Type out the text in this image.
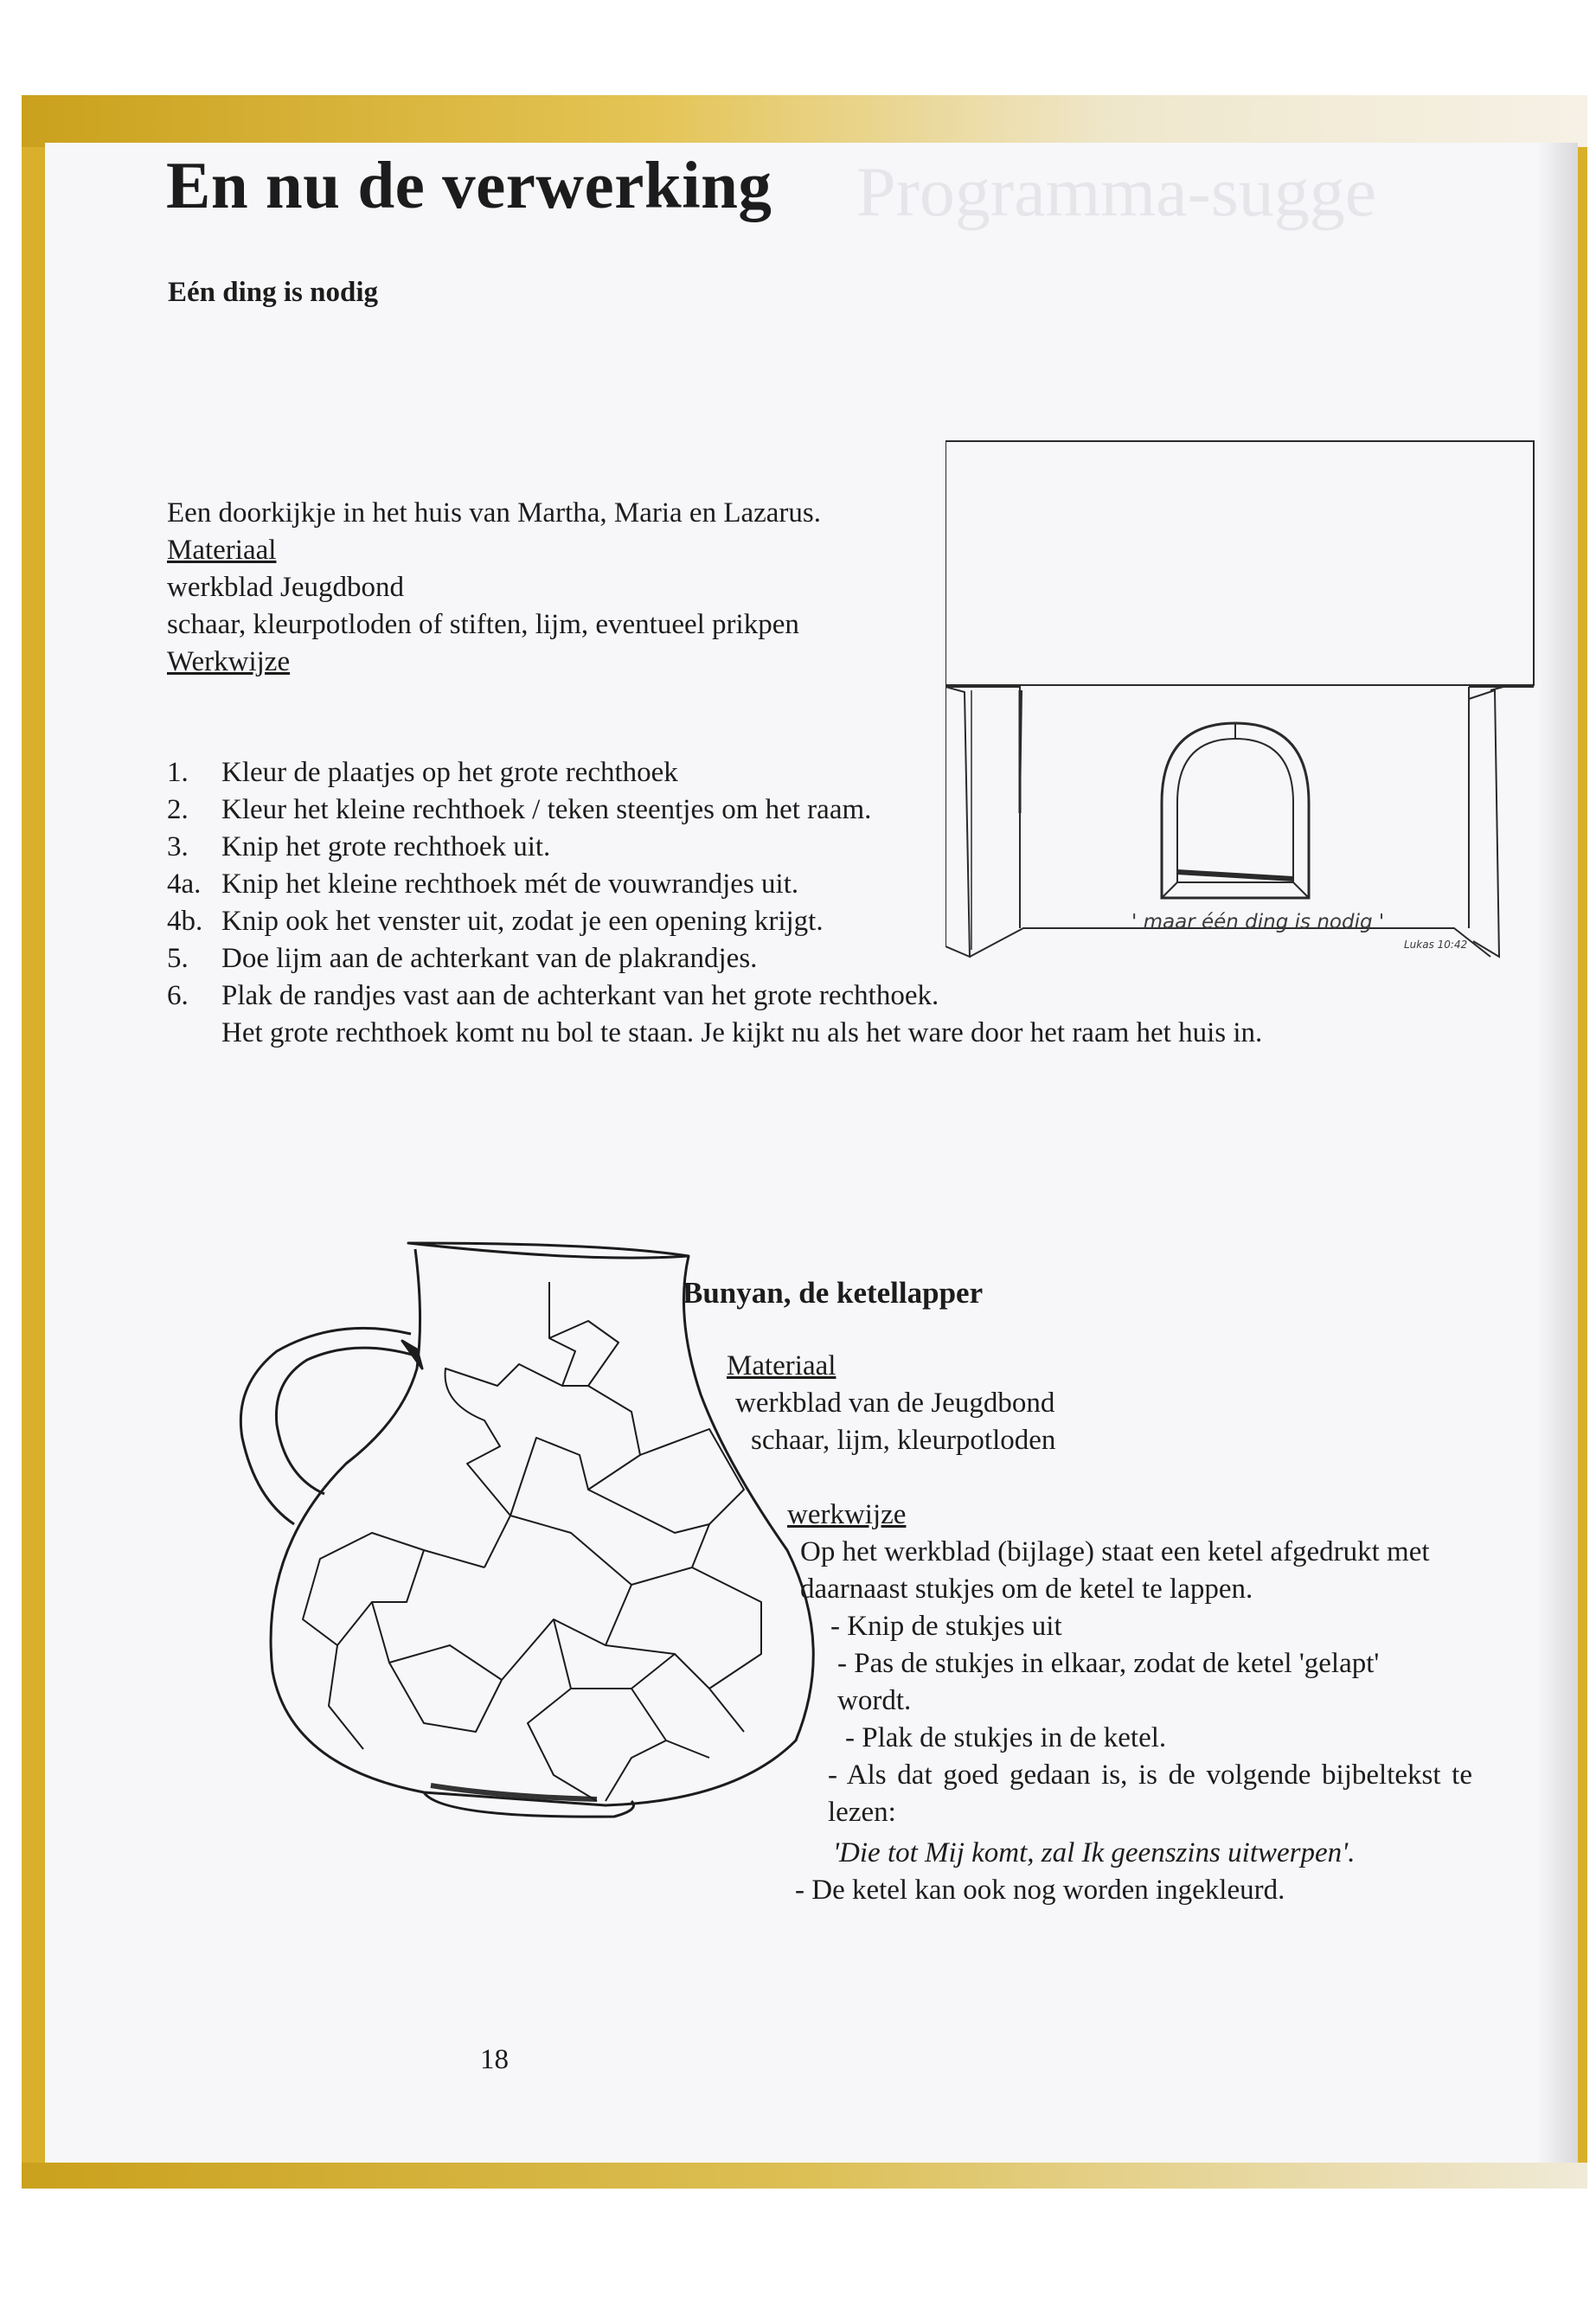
Programma-sugge
En nu de verwerking
Eén ding is nodig
Een doorkijkje in het huis van Martha, Maria en Lazarus.
Materiaal
werkblad Jeugdbond
schaar, kleurpotloden of stiften, lijm, eventueel prikpen
Werkwijze
1. Kleur de plaatjes op het grote rechthoek
2. Kleur het kleine rechthoek / teken steentjes om het raam.
3. Knip het grote rechthoek uit.
4a. Knip het kleine rechthoek mét de vouwrandjes uit.
4b. Knip ook het venster uit, zodat je een opening krijgt.
5. Doe lijm aan de achterkant van de plakrandjes.
6. Plak de randjes vast aan de achterkant van het grote rechthoek.
Het grote rechthoek komt nu bol te staan. Je kijkt nu als het ware door het raam het huis in.
' maar één ding is nodig '
Lukas 10:42
Bunyan, de ketellapper
Materiaal
werkblad van de Jeugdbond
schaar, lijm, kleurpotloden
werkwijze
Op het werkblad (bijlage) staat een ketel afgedrukt met daarnaast stukjes om de ketel te lappen.
- Knip de stukjes uit
- Pas de stukjes in elkaar, zodat de ketel 'gelapt' wordt.
- Plak de stukjes in de ketel.
- Als dat goed gedaan is, is de volgende bijbeltekst te lezen:
'Die tot Mij komt, zal Ik geenszins uitwerpen'.
- De ketel kan ook nog worden ingekleurd.
18
